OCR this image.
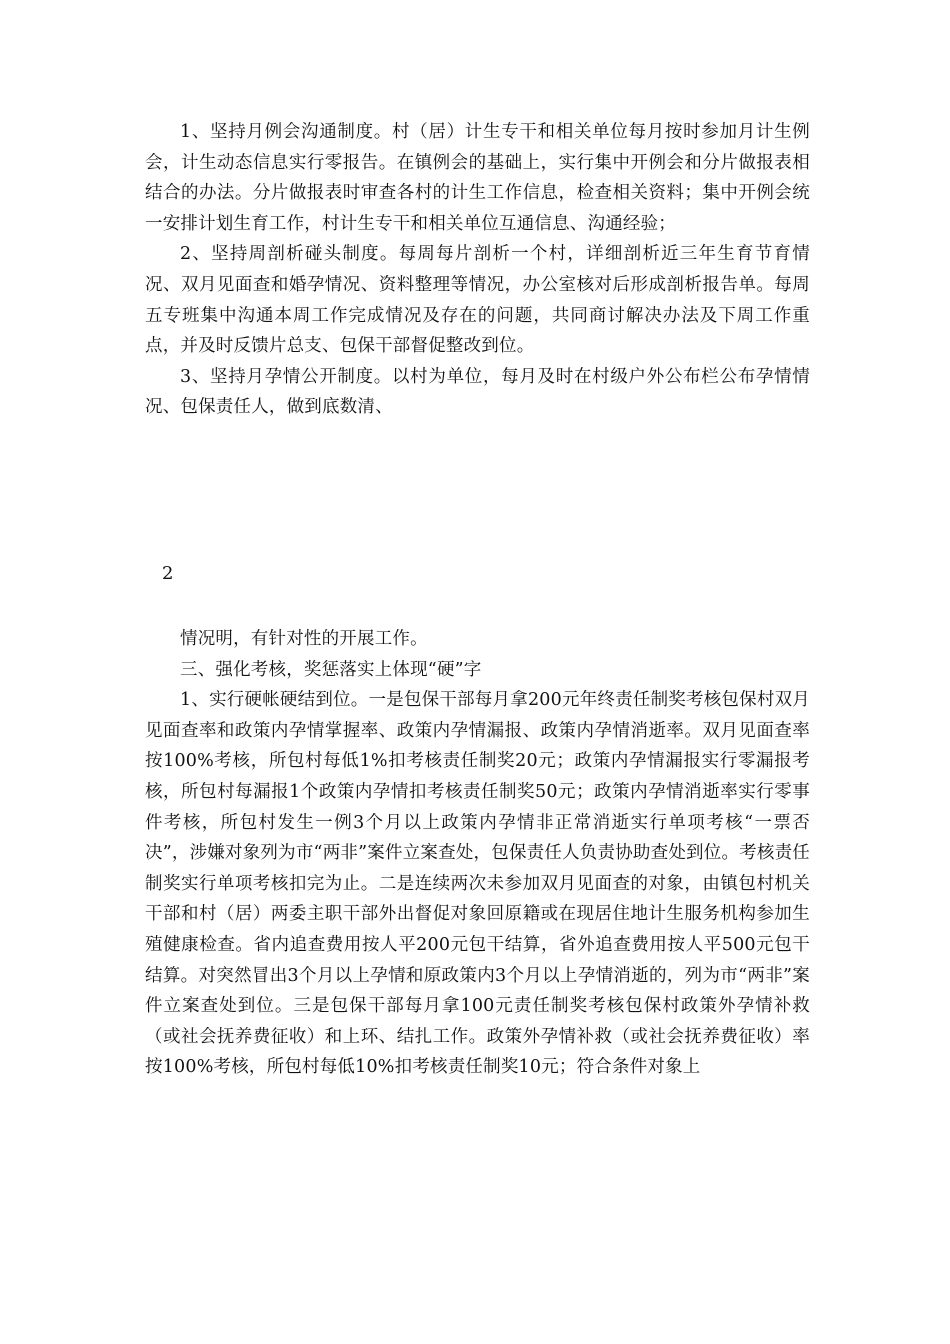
1、坚持月例会沟通制度。村（居）计生专干和相关单位每月按时参加月计生例会，计生动态信息实行零报告。在镇例会的基础上，实行集中开例会和分片做报表相结合的办法。分片做报表时审查各村的计生工作信息，检查相关资料；集中开例会统一安排计划生育工作，村计生专干和相关单位互通信息、沟通经验；

2、坚持周剖析碰头制度。每周每片剖析一个村，详细剖析近三年生育节育情况、双月见面查和婚孕情况、资料整理等情况，办公室核对后形成剖析报告单。每周五专班集中沟通本周工作完成情况及存在的问题，共同商讨解决办法及下周工作重点，并及时反馈片总支、包保干部督促整改到位。

3、坚持月孕情公开制度。以村为单位，每月及时在村级户外公布栏公布孕情情况、包保责任人，做到底数清、

2

情况明，有针对性的开展工作。

三、强化考核，奖惩落实上体现“硬”字

1、实行硬帐硬结到位。一是包保干部每月拿200元年终责任制奖考核包保村双月见面查率和政策内孕情掌握率、政策内孕情漏报、政策内孕情消逝率。双月见面查率按100%考核，所包村每低1%扣考核责任制奖20元；政策内孕情漏报实行零漏报考核，所包村每漏报1个政策内孕情扣考核责任制奖50元；政策内孕情消逝率实行零事件考核，所包村发生一例3个月以上政策内孕情非正常消逝实行单项考核“一票否决”，涉嫌对象列为市“两非”案件立案查处，包保责任人负责协助查处到位。考核责任制奖实行单项考核扣完为止。二是连续两次未参加双月见面查的对象，由镇包村机关干部和村（居）两委主职干部外出督促对象回原籍或在现居住地计生服务机构参加生殖健康检查。省内追查费用按人平200元包干结算，省外追查费用按人平500元包干结算。对突然冒出3个月以上孕情和原政策内3个月以上孕情消逝的，列为市“两非”案件立案查处到位。三是包保干部每月拿100元责任制奖考核包保村政策外孕情补救（或社会抚养费征收）和上环、结扎工作。政策外孕情补救（或社会抚养费征收）率按100%考核，所包村每低10%扣考核责任制奖10元；符合条件对象上
